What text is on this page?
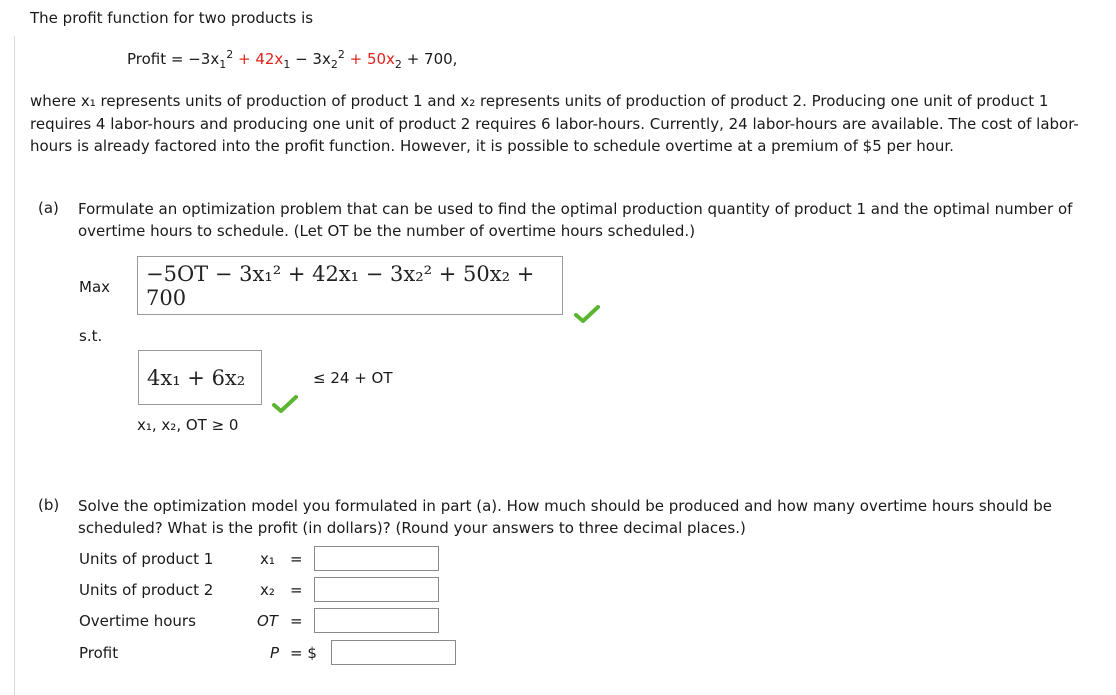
The profit function for two products is
Profit = $-3x_1^2 + 42x_1 - 3x_2^2 + 50x_2 + 700$,
where x₁ represents units of production of product 1 and x₂ represents units of production of product 2. Producing one unit of product 1 requires 4 labor-hours and producing one unit of product 2 requires 6 labor-hours. Currently, 24 labor-hours are available. The cost of labor-hours is already factored into the profit function. However, it is possible to schedule overtime at a premium of $5 per hour.
(a) Formulate an optimization problem that can be used to find the optimal production quantity of product 1 and the optimal number of overtime hours to schedule. (Let OT be the number of overtime hours scheduled.)
Max
−5OT − 3x₁² + 42x₁ − 3x₂² + 50x₂ + 700
s.t.
4x₁ + 6x₂	≤ 24 + OT
x₁, x₂, OT ≥ 0
(b) Solve the optimization model you formulated in part (a). How much should be produced and how many overtime hours should be scheduled? What is the profit (in dollars)? (Round your answers to three decimal places.)
Units of product 1	x₁ =
Units of product 2	x₂ =
Overtime hours	OT =
Profit	P = $
